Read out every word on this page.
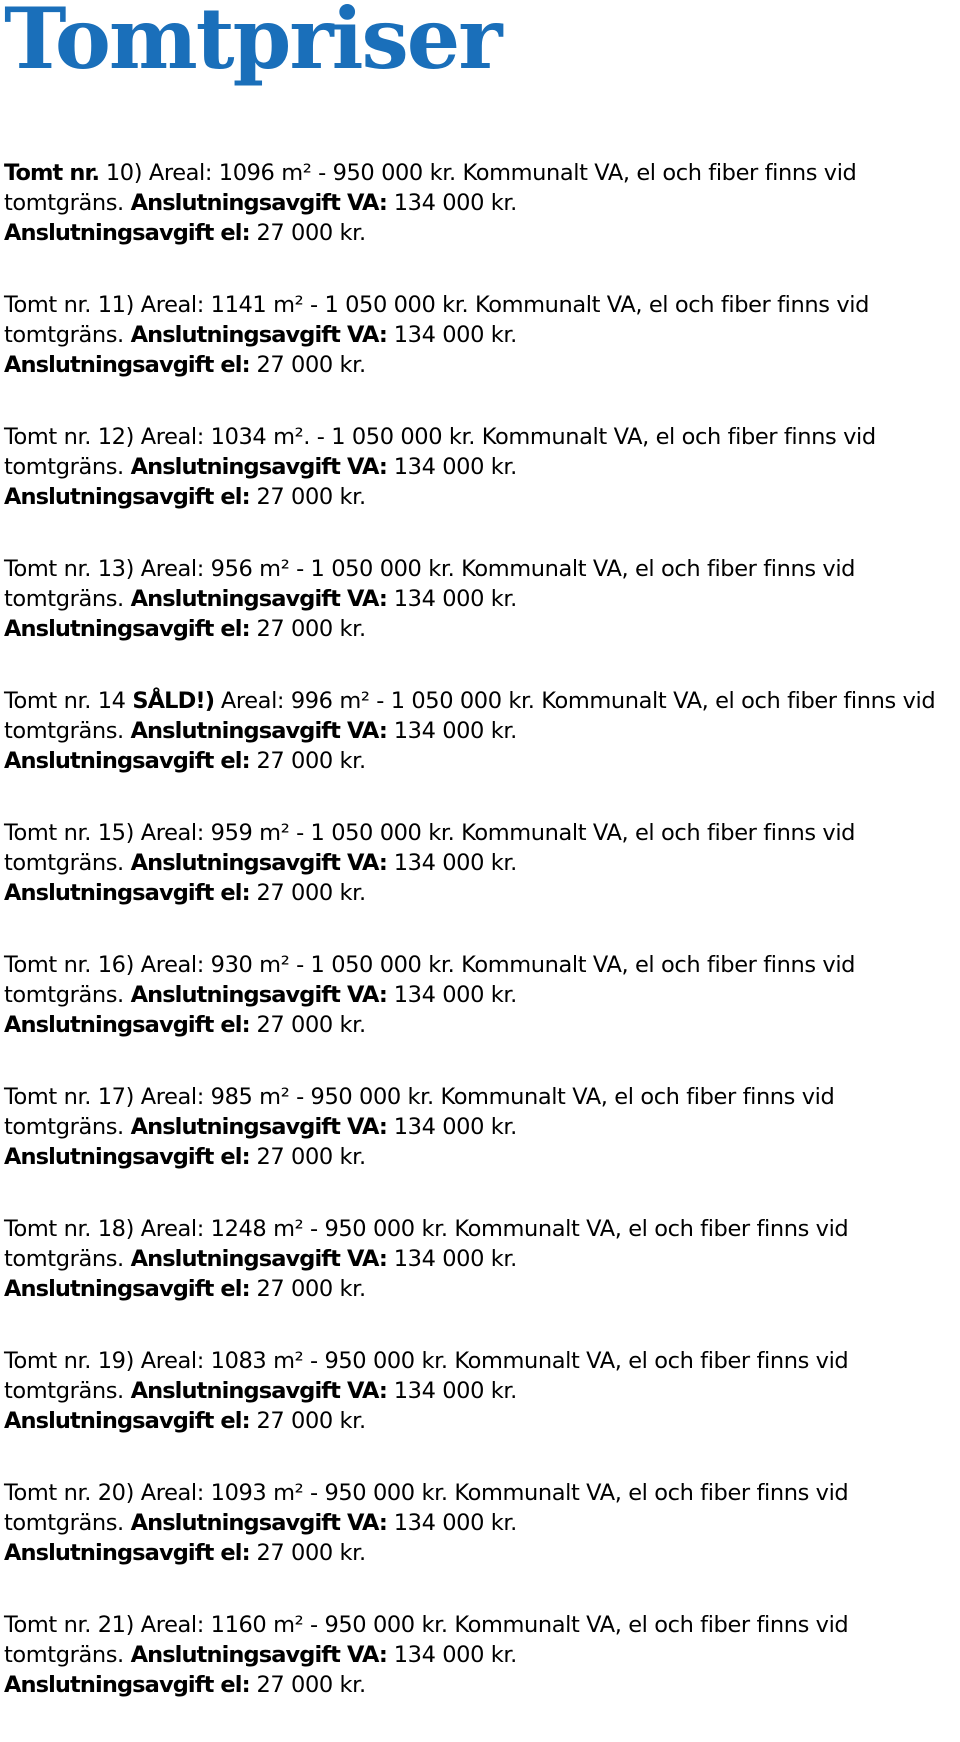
Tomtpriser
Tomt nr. 10) Areal: 1096 m² - 950 000 kr. Kommunalt VA, el och fiber finns vid
tomtgräns. Anslutningsavgift VA: 134 000 kr.
Anslutningsavgift el: 27 000 kr.
Tomt nr. 11) Areal: 1141 m² - 1 050 000 kr. Kommunalt VA, el och fiber finns vid
tomtgräns. Anslutningsavgift VA: 134 000 kr.
Anslutningsavgift el: 27 000 kr.
Tomt nr. 12) Areal: 1034 m². - 1 050 000 kr. Kommunalt VA, el och fiber finns vid
tomtgräns. Anslutningsavgift VA: 134 000 kr.
Anslutningsavgift el: 27 000 kr.
Tomt nr. 13) Areal: 956 m² - 1 050 000 kr. Kommunalt VA, el och fiber finns vid
tomtgräns. Anslutningsavgift VA: 134 000 kr.
Anslutningsavgift el: 27 000 kr.
Tomt nr. 14 SÅLD!) Areal: 996 m² - 1 050 000 kr. Kommunalt VA, el och fiber finns vid
tomtgräns. Anslutningsavgift VA: 134 000 kr.
Anslutningsavgift el: 27 000 kr.
Tomt nr. 15) Areal: 959 m² - 1 050 000 kr. Kommunalt VA, el och fiber finns vid
tomtgräns. Anslutningsavgift VA: 134 000 kr.
Anslutningsavgift el: 27 000 kr.
Tomt nr. 16) Areal: 930 m² - 1 050 000 kr. Kommunalt VA, el och fiber finns vid
tomtgräns. Anslutningsavgift VA: 134 000 kr.
Anslutningsavgift el: 27 000 kr.
Tomt nr. 17) Areal: 985 m² - 950 000 kr. Kommunalt VA, el och fiber finns vid
tomtgräns. Anslutningsavgift VA: 134 000 kr.
Anslutningsavgift el: 27 000 kr.
Tomt nr. 18) Areal: 1248 m² - 950 000 kr. Kommunalt VA, el och fiber finns vid
tomtgräns. Anslutningsavgift VA: 134 000 kr.
Anslutningsavgift el: 27 000 kr.
Tomt nr. 19) Areal: 1083 m² - 950 000 kr. Kommunalt VA, el och fiber finns vid
tomtgräns. Anslutningsavgift VA: 134 000 kr.
Anslutningsavgift el: 27 000 kr.
Tomt nr. 20) Areal: 1093 m² - 950 000 kr. Kommunalt VA, el och fiber finns vid
tomtgräns. Anslutningsavgift VA: 134 000 kr.
Anslutningsavgift el: 27 000 kr.
Tomt nr. 21) Areal: 1160 m² - 950 000 kr. Kommunalt VA, el och fiber finns vid
tomtgräns. Anslutningsavgift VA: 134 000 kr.
Anslutningsavgift el: 27 000 kr.
